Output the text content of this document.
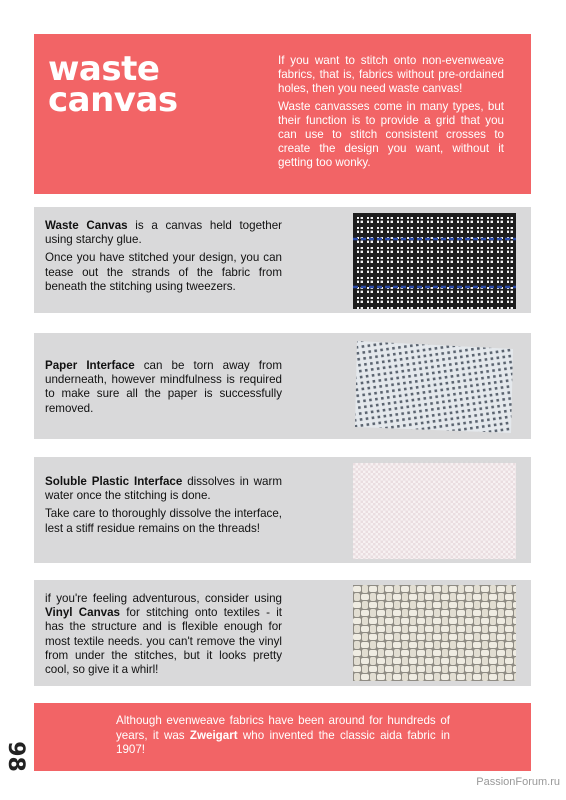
waste
canvas

If you want to stitch onto non-evenweave fabrics, that is, fabrics without pre-ordained holes, then you need waste canvas!

Waste canvasses come in many types, but their function is to provide a grid that you can use to stitch consistent crosses to create the design you want, without it getting too wonky.

Waste Canvas is a canvas held together using starchy glue.

Once you have stitched your design, you can tease out the strands of the fabric from beneath the stitching using tweezers.

Paper Interface can be torn away from underneath, however mindfulness is required to make sure all the paper is successfully removed.

Soluble Plastic Interface dissolves in warm water once the stitching is done.

Take care to thoroughly dissolve the interface, lest a stiff residue remains on the threads!

if you're feeling adventurous, consider using Vinyl Canvas for stitching onto textiles - it has the structure and is flexible enough for most textile needs. you can't remove the vinyl from under the stitches, but it looks pretty cool, so give it a whirl!

Although evenweave fabrics have been around for hundreds of years, it was Zweigart who invented the classic aida fabric in 1907!
98
PassionForum.ru
